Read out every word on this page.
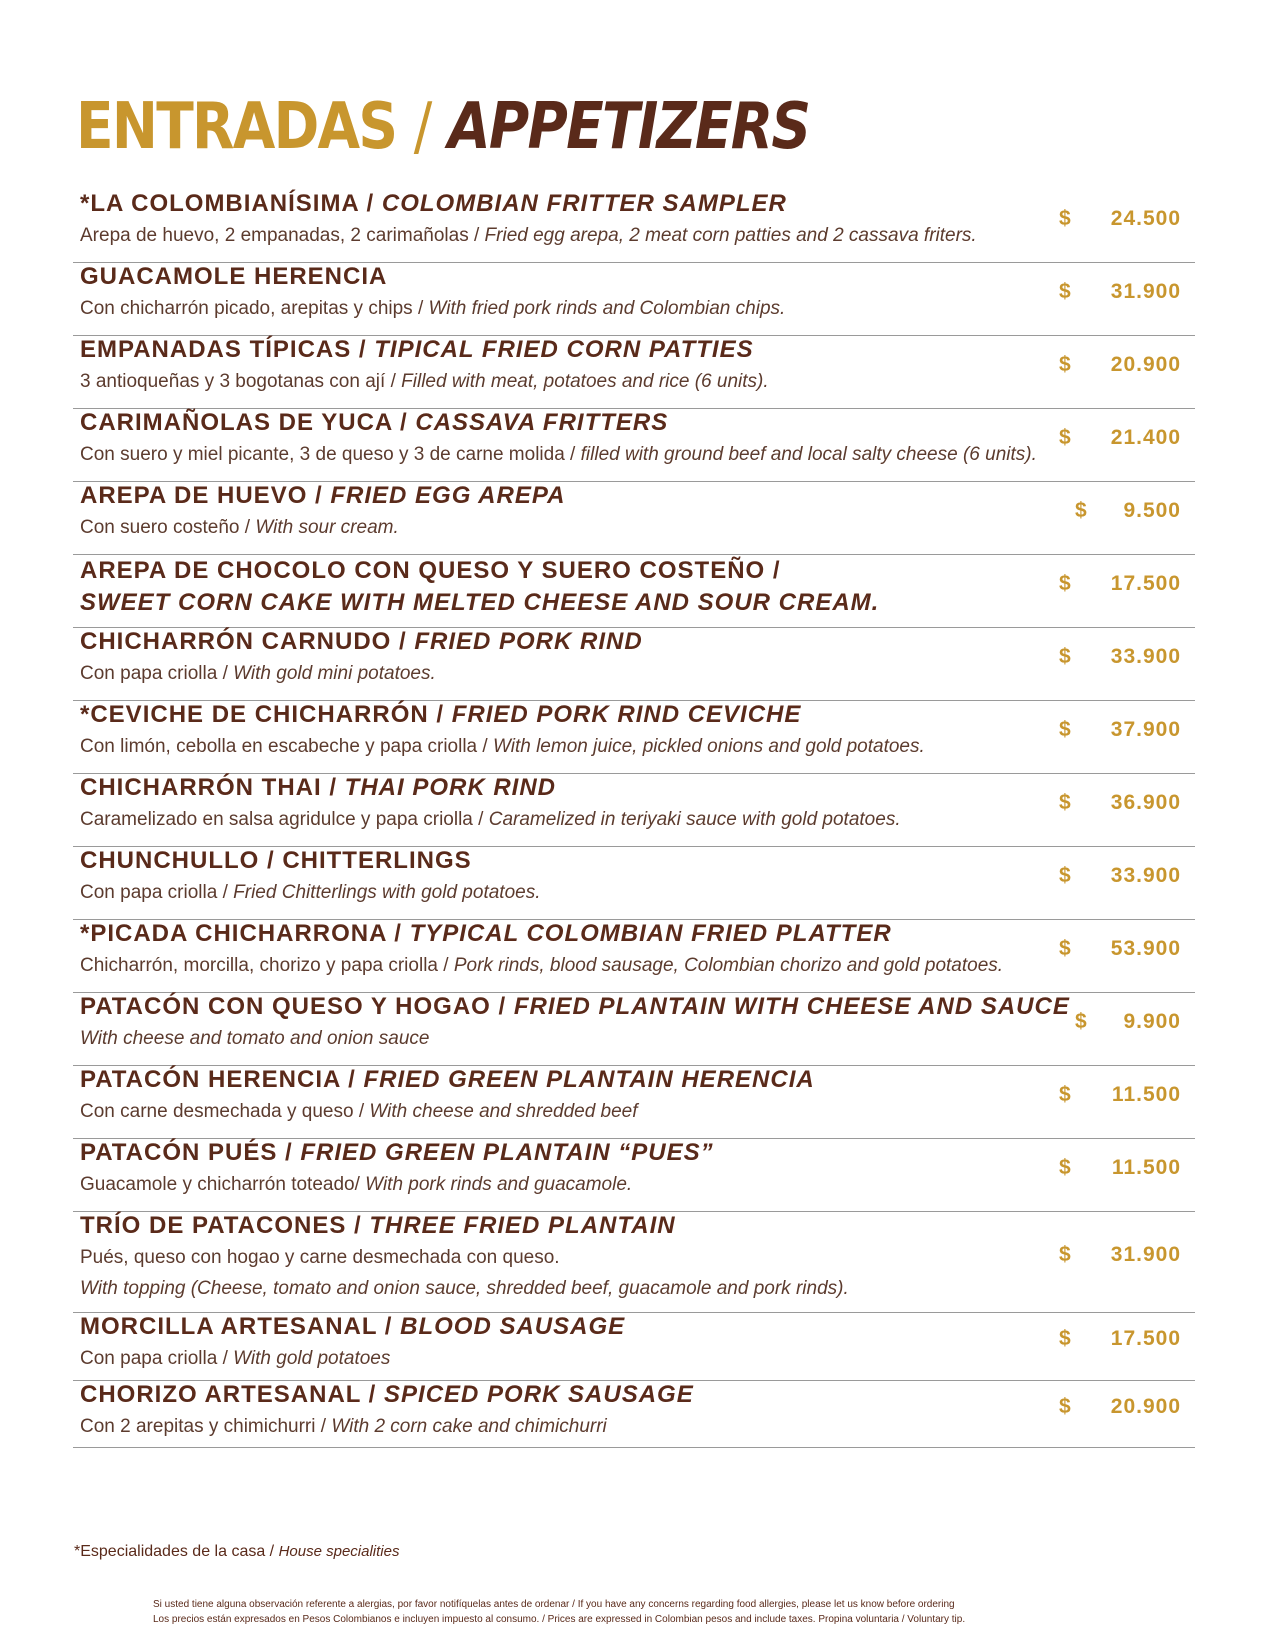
ENTRADAS / APPETIZERS
*LA COLOMBIANÍSIMA / COLOMBIAN FRITTER SAMPLER
Arepa de huevo, 2 empanadas, 2 carimañolas / Fried egg arepa, 2 meat corn patties and 2 cassava friters.
$ 24.500
GUACAMOLE HERENCIA
Con chicharrón picado, arepitas y chips / With fried pork rinds and Colombian chips.
$ 31.900
EMPANADAS TÍPICAS / TIPICAL FRIED CORN PATTIES
3 antioqueñas y 3 bogotanas con ají / Filled with meat, potatoes and rice (6 units).
$ 20.900
CARIMAÑOLAS DE YUCA / CASSAVA FRITTERS
Con suero y miel picante, 3 de queso y 3 de carne molida / filled with ground beef and local salty cheese (6 units).
$ 21.400
AREPA DE HUEVO / FRIED EGG AREPA
Con suero costeño / With sour cream.
$ 9.500
AREPA DE CHOCOLO CON QUESO Y SUERO COSTEÑO /
SWEET CORN CAKE WITH MELTED CHEESE AND SOUR CREAM.
$ 17.500
CHICHARRÓN CARNUDO / FRIED PORK RIND
Con papa criolla / With gold mini potatoes.
$ 33.900
*CEVICHE DE CHICHARRÓN / FRIED PORK RIND CEVICHE
Con limón, cebolla en escabeche y papa criolla / With lemon juice, pickled onions and gold potatoes.
$ 37.900
CHICHARRÓN THAI / THAI PORK RIND
Caramelizado en salsa agridulce y papa criolla / Caramelized in teriyaki sauce with gold potatoes.
$ 36.900
CHUNCHULLO / CHITTERLINGS
Con papa criolla / Fried Chitterlings with gold potatoes.
$ 33.900
*PICADA CHICHARRONA / TYPICAL COLOMBIAN FRIED PLATTER
Chicharrón, morcilla, chorizo y papa criolla / Pork rinds, blood sausage, Colombian chorizo and gold potatoes.
$ 53.900
PATACÓN CON QUESO Y HOGAO / FRIED PLANTAIN WITH CHEESE AND SAUCE
With cheese and tomato and onion sauce
$ 9.900
PATACÓN HERENCIA / FRIED GREEN PLANTAIN HERENCIA
Con carne desmechada y queso / With cheese and shredded beef
$ 11.500
PATACÓN PUÉS / FRIED GREEN PLANTAIN “PUES”
Guacamole y chicharrón toteado/ With pork rinds and guacamole.
$ 11.500
TRÍO DE PATACONES / THREE FRIED PLANTAIN
Pués, queso con hogao y carne desmechada con queso.
With topping (Cheese, tomato and onion sauce, shredded beef, guacamole and pork rinds).
$ 31.900
MORCILLA ARTESANAL / BLOOD SAUSAGE
Con papa criolla / With gold potatoes
$ 17.500
CHORIZO ARTESANAL / SPICED PORK SAUSAGE
Con 2 arepitas y chimichurri / With 2 corn cake and chimichurri
$ 20.900
*Especialidades de la casa / House specialities
Si usted tiene alguna observación referente a alergias, por favor notifíquelas antes de ordenar / If you have any concerns regarding food allergies, please let us know before ordering
Los precios están expresados en Pesos Colombianos e incluyen impuesto al consumo. / Prices are expressed in Colombian pesos and include taxes. Propina voluntaria / Voluntary tip.
